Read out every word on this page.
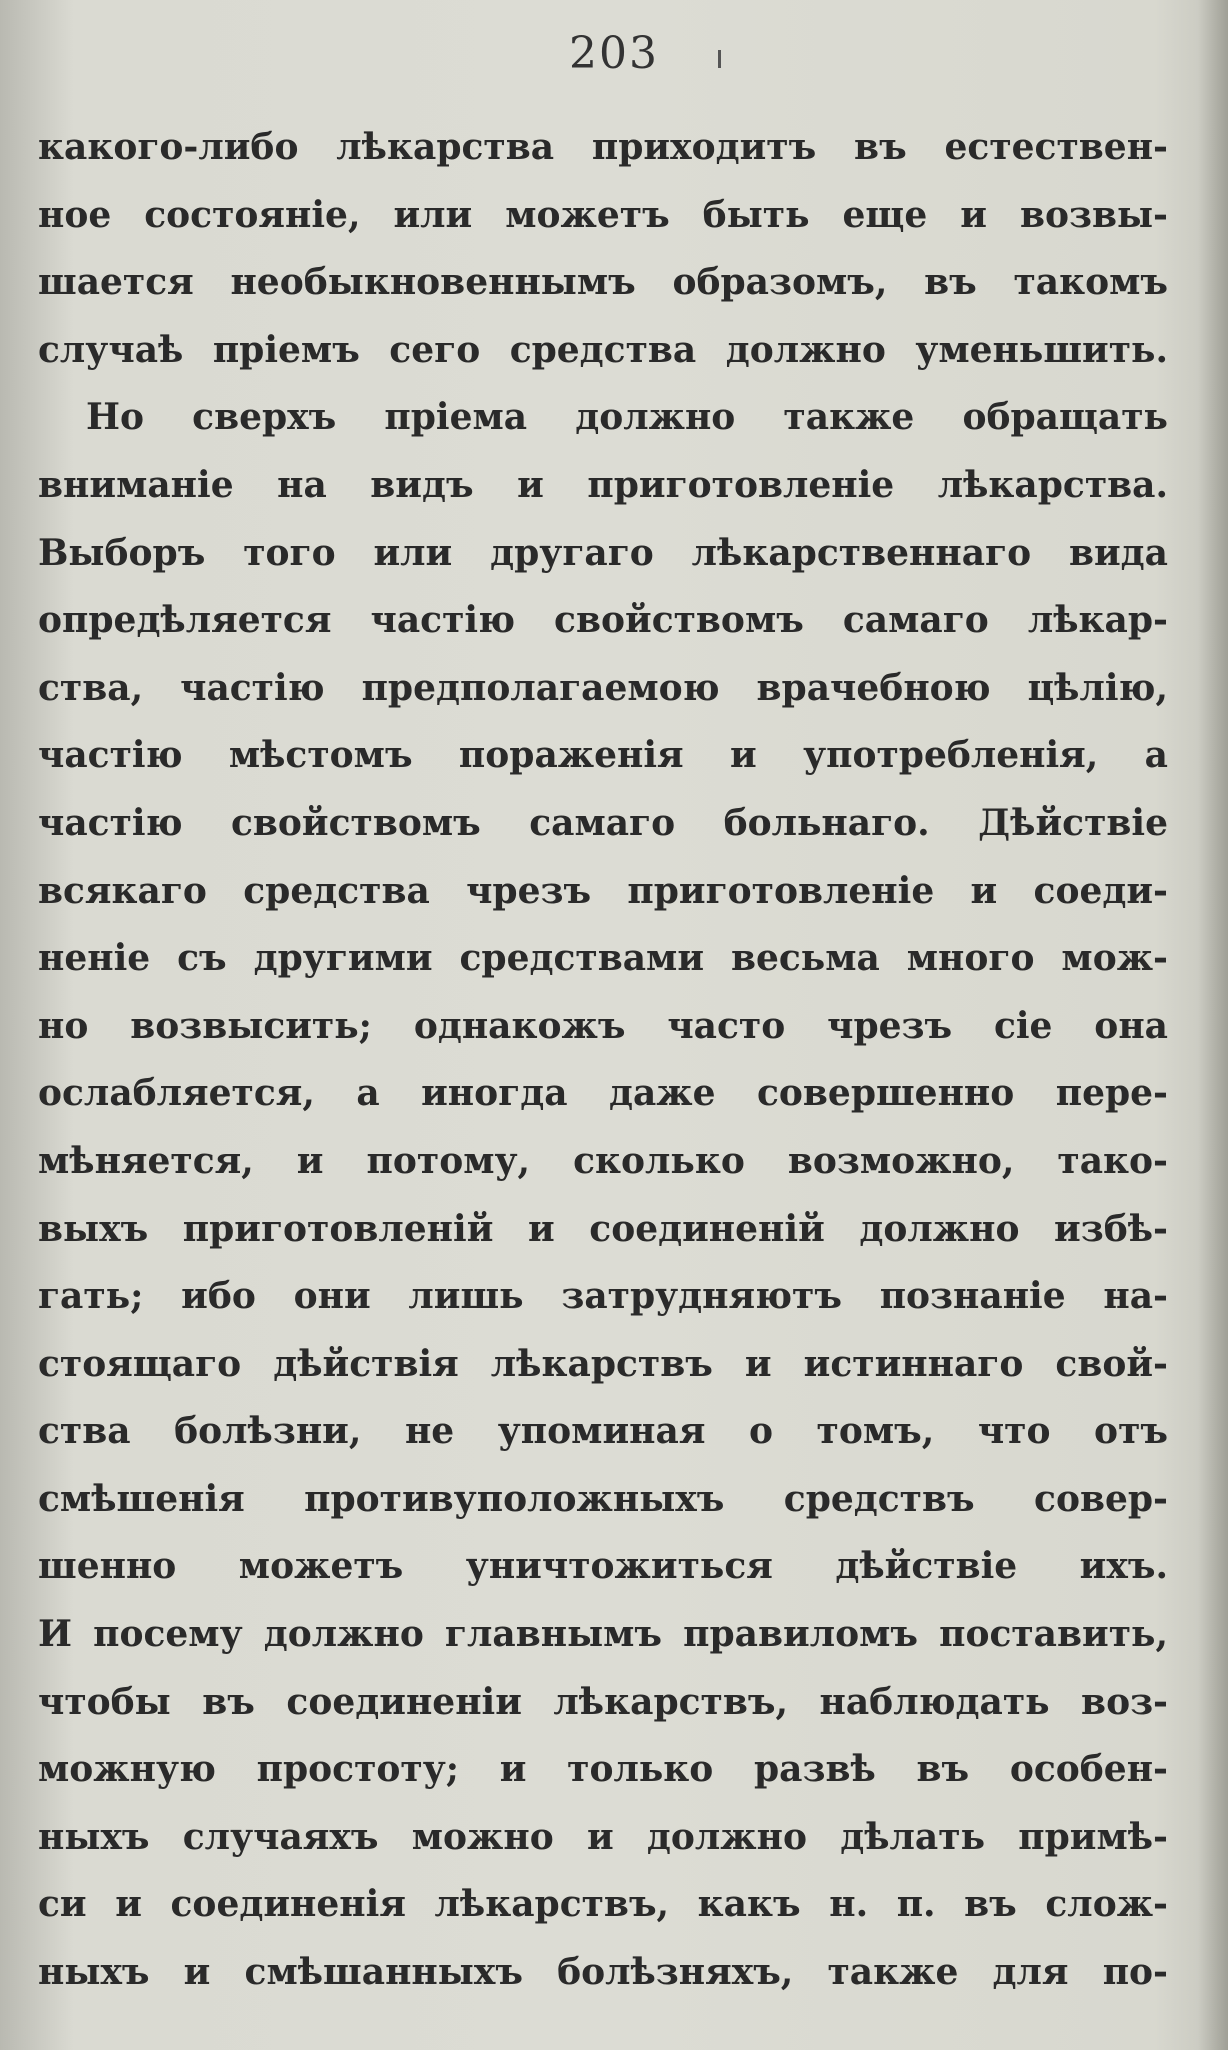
203
какого-либо лѣкарства приходитъ въ естествен-
ное состояніе, или можетъ быть еще и возвы-
шается необыкновеннымъ образомъ, въ такомъ
случаѣ пріемъ сего средства должно уменьшить.
Но сверхъ пріема должно также обращать
вниманіе на видъ и приготовленіе лѣкарства.
Выборъ того или другаго лѣкарственнаго вида
опредѣляется частію свойствомъ самаго лѣкар-
ства, частію предполагаемою врачебною цѣлію,
частію мѣстомъ пораженія и употребленія, а
частію свойствомъ самаго больнаго. Дѣйствіе
всякаго средства чрезъ приготовленіе и соеди-
неніе съ другими средствами весьма много мож-
но возвысить; однакожъ часто чрезъ сіе она
ослабляется, а иногда даже совершенно пере-
мѣняется, и потому, сколько возможно, тако-
выхъ приготовленій и соединеній должно избѣ-
гать; ибо они лишь затрудняютъ познаніе на-
стоящаго дѣйствія лѣкарствъ и истиннаго свой-
ства болѣзни, не упоминая о томъ, что отъ
смѣшенія противуположныхъ средствъ совер-
шенно можетъ уничтожиться дѣйствіе ихъ.
И посему должно главнымъ правиломъ поставить,
чтобы въ соединеніи лѣкарствъ, наблюдать воз-
можную простоту; и только развѣ въ особен-
ныхъ случаяхъ можно и должно дѣлать примѣ-
си и соединенія лѣкарствъ, какъ н. п. въ слож-
ныхъ и смѣшанныхъ болѣзняхъ, также для по-
